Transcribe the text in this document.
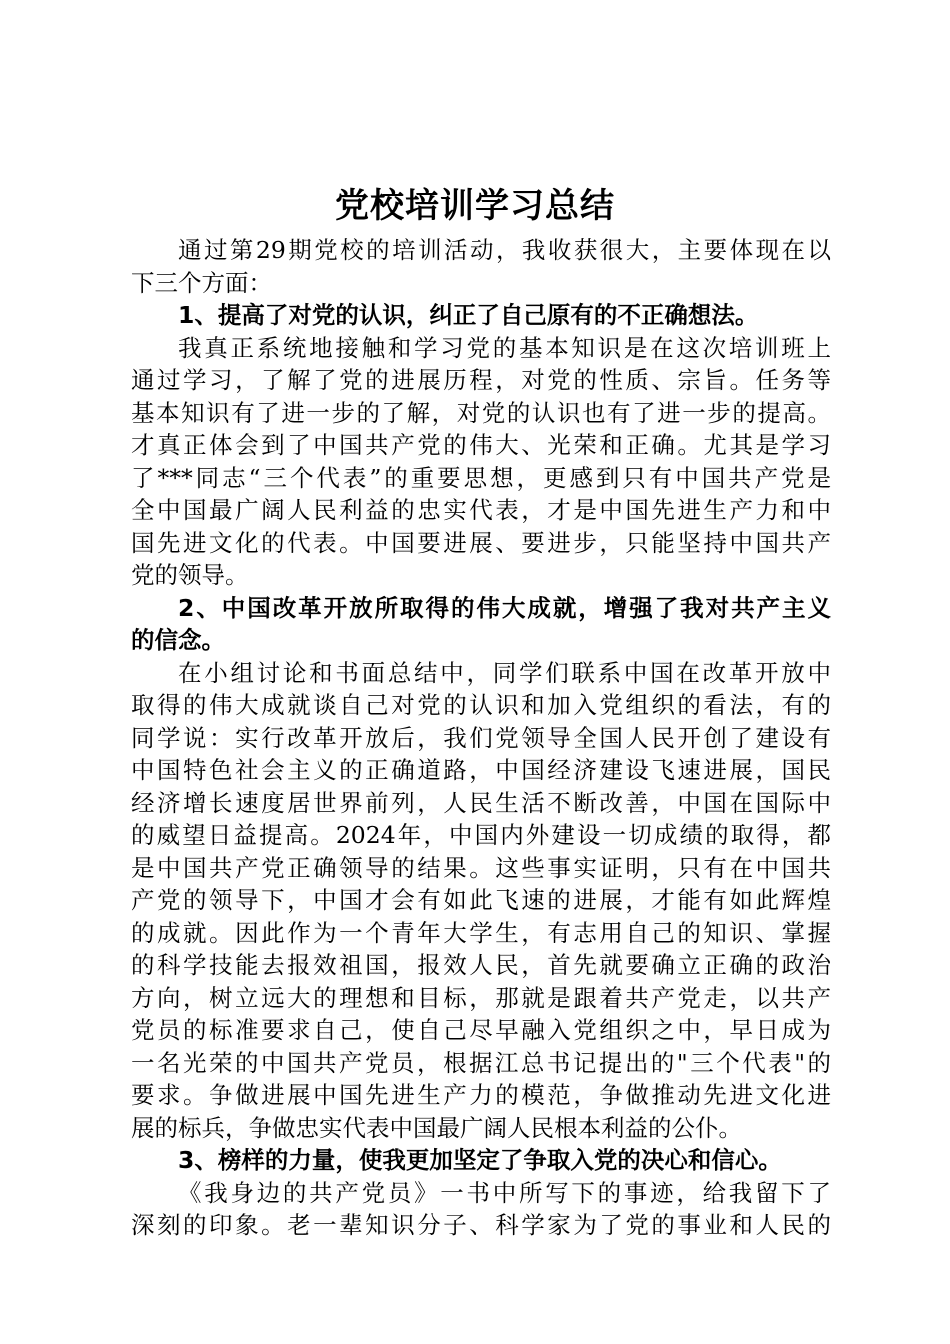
党校培训学习总结
通过第29期党校的培训活动，我收获很大，主要体现在以
下三个方面：
1、提高了对党的认识，纠正了自己原有的不正确想法。
我真正系统地接触和学习党的基本知识是在这次培训班上
通过学习，了解了党的进展历程，对党的性质、宗旨。任务等
基本知识有了进一步的了解，对党的认识也有了进一步的提高。
才真正体会到了中国共产党的伟大、光荣和正确。尤其是学习
了***同志“三个代表”的重要思想，更感到只有中国共产党是
全中国最广阔人民利益的忠实代表，才是中国先进生产力和中
国先进文化的代表。中国要进展、要进步，只能坚持中国共产
党的领导。
2、中国改革开放所取得的伟大成就，增强了我对共产主义
的信念。
在小组讨论和书面总结中，同学们联系中国在改革开放中
取得的伟大成就谈自己对党的认识和加入党组织的看法，有的
同学说：实行改革开放后，我们党领导全国人民开创了建设有
中国特色社会主义的正确道路，中国经济建设飞速进展，国民
经济增长速度居世界前列，人民生活不断改善，中国在国际中
的威望日益提高。2024年，中国内外建设一切成绩的取得，都
是中国共产党正确领导的结果。这些事实证明，只有在中国共
产党的领导下，中国才会有如此飞速的进展，才能有如此辉煌
的成就。因此作为一个青年大学生，有志用自己的知识、掌握
的科学技能去报效祖国，报效人民，首先就要确立正确的政治
方向，树立远大的理想和目标，那就是跟着共产党走，以共产
党员的标准要求自己，使自己尽早融入党组织之中，早日成为
一名光荣的中国共产党员，根据江总书记提出的"三个代表"的
要求。争做进展中国先进生产力的模范，争做推动先进文化进
展的标兵，争做忠实代表中国最广阔人民根本利益的公仆。
3、榜样的力量，使我更加坚定了争取入党的决心和信心。
《我身边的共产党员》一书中所写下的事迹，给我留下了
深刻的印象。老一辈知识分子、科学家为了党的事业和人民的
